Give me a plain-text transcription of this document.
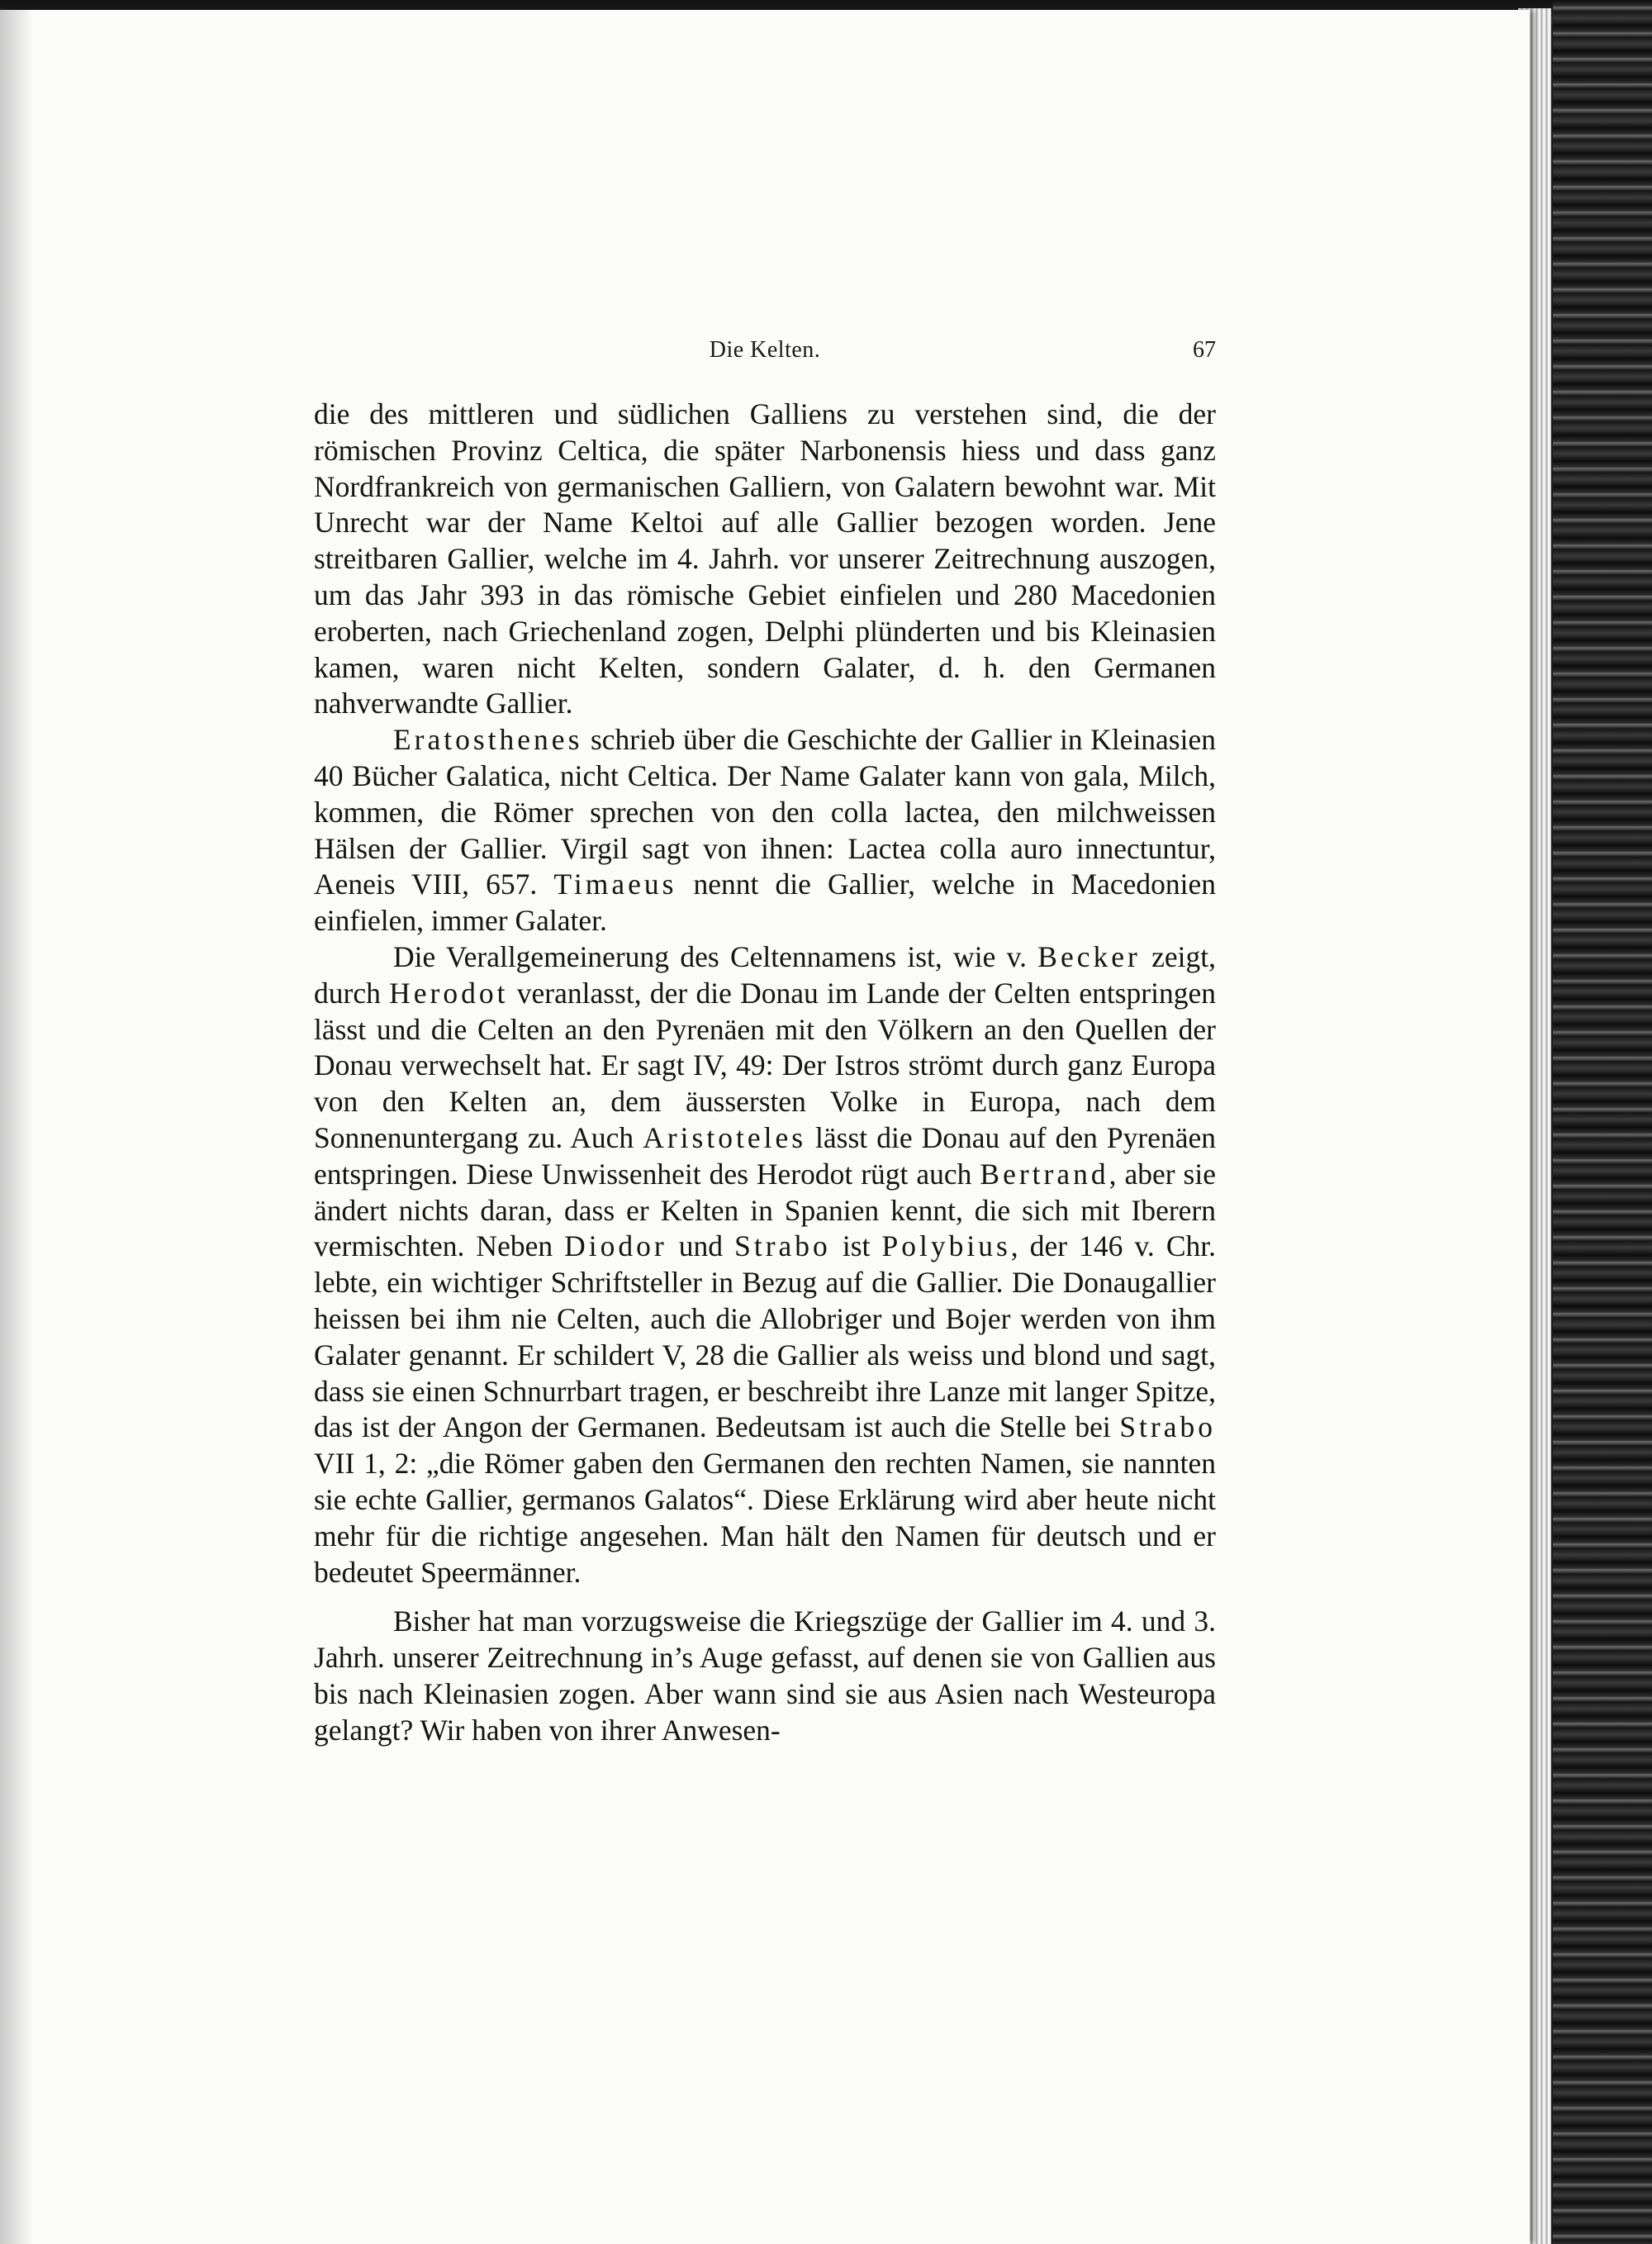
Die Kelten.	67

die des mittleren und südlichen Galliens zu verstehen sind, die der römischen Provinz Celtica, die später Narbonensis hiess und dass ganz Nordfrankreich von germanischen Galliern, von Galatern bewohnt war. Mit Unrecht war der Name Keltoi auf alle Gallier bezogen worden. Jene streitbaren Gallier, welche im 4. Jahrh. vor unserer Zeitrechnung auszogen, um das Jahr 393 in das römische Gebiet einfielen und 280 Macedonien eroberten, nach Griechenland zogen, Delphi plünderten und bis Kleinasien kamen, waren nicht Kelten, sondern Galater, d. h. den Germanen nahverwandte Gallier.

Eratosthenes schrieb über die Geschichte der Gallier in Kleinasien 40 Bücher Galatica, nicht Celtica. Der Name Galater kann von gala, Milch, kommen, die Römer sprechen von den colla lactea, den milchweissen Hälsen der Gallier. Virgil sagt von ihnen: Lactea colla auro innectuntur, Aeneis VIII, 657. Timaeus nennt die Gallier, welche in Macedonien einfielen, immer Galater.

Die Verallgemeinerung des Celtennamens ist, wie v. Becker zeigt, durch Herodot veranlasst, der die Donau im Lande der Celten entspringen lässt und die Celten an den Pyrenäen mit den Völkern an den Quellen der Donau verwechselt hat. Er sagt IV, 49: Der Istros strömt durch ganz Europa von den Kelten an, dem äussersten Volke in Europa, nach dem Sonnenuntergang zu. Auch Aristoteles lässt die Donau auf den Pyrenäen entspringen. Diese Unwissenheit des Herodot rügt auch Bertrand, aber sie ändert nichts daran, dass er Kelten in Spanien kennt, die sich mit Iberern vermischten. Neben Diodor und Strabo ist Polybius, der 146 v. Chr. lebte, ein wichtiger Schriftsteller in Bezug auf die Gallier. Die Donaugallier heissen bei ihm nie Celten, auch die Allobriger und Bojer werden von ihm Galater genannt. Er schildert V, 28 die Gallier als weiss und blond und sagt, dass sie einen Schnurrbart tragen, er beschreibt ihre Lanze mit langer Spitze, das ist der Angon der Germanen. Bedeutsam ist auch die Stelle bei Strabo VII 1, 2: „die Römer gaben den Germanen den rechten Namen, sie nannten sie echte Gallier, germanos Galatos“. Diese Erklärung wird aber heute nicht mehr für die richtige angesehen. Man hält den Namen für deutsch und er bedeutet Speermänner.

Bisher hat man vorzugsweise die Kriegszüge der Gallier im 4. und 3. Jahrh. unserer Zeitrechnung in’s Auge gefasst, auf denen sie von Gallien aus bis nach Kleinasien zogen. Aber wann sind sie aus Asien nach Westeuropa gelangt? Wir haben von ihrer Anwesen-
